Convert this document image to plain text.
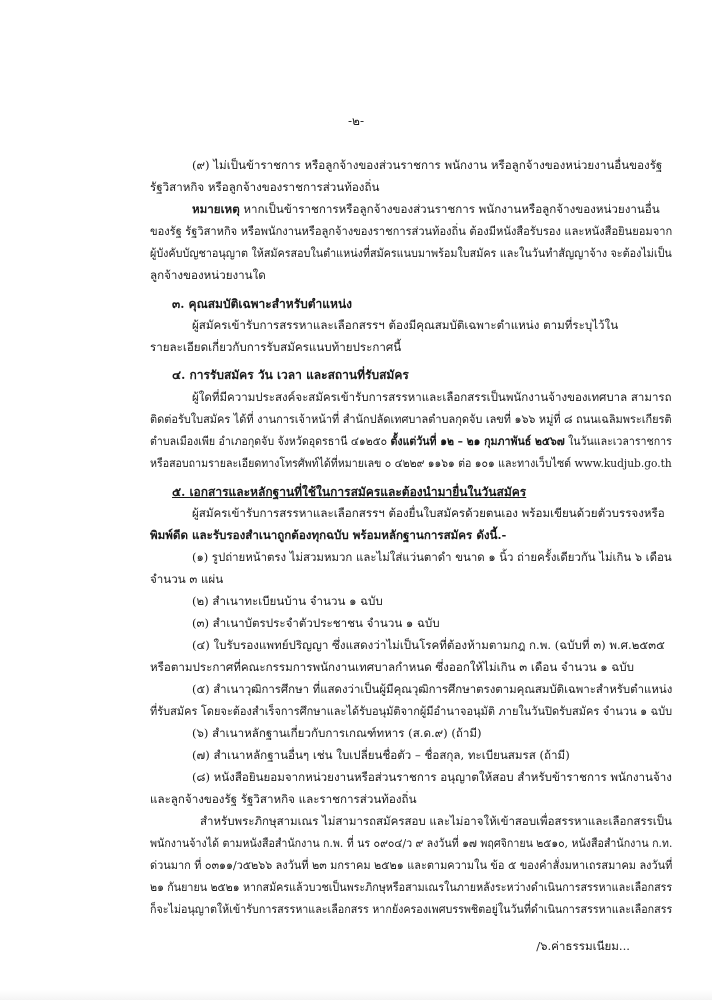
-๒-
(๙) ไม่เป็นข้าราชการ หรือลูกจ้างของส่วนราชการ พนักงาน หรือลูกจ้างของหน่วยงานอื่นของรัฐ
รัฐวิสาหกิจ หรือลูกจ้างของราชการส่วนท้องถิ่น
หมายเหตุ หากเป็นข้าราชการหรือลูกจ้างของส่วนราชการ พนักงานหรือลูกจ้างของหน่วยงานอื่น
ของรัฐ รัฐวิสาหกิจ หรือพนักงานหรือลูกจ้างของราชการส่วนท้องถิ่น ต้องมีหนังสือรับรอง และหนังสือยินยอมจาก
ผู้บังคับบัญชาอนุญาต ให้สมัครสอบในตำแหน่งที่สมัครแนบมาพร้อมใบสมัคร และในวันทำสัญญาจ้าง จะต้องไม่เป็น
ลูกจ้างของหน่วยงานใด
๓. คุณสมบัติเฉพาะสำหรับตำแหน่ง
ผู้สมัครเข้ารับการสรรหาและเลือกสรรฯ ต้องมีคุณสมบัติเฉพาะตำแหน่ง ตามที่ระบุไว้ใน
รายละเอียดเกี่ยวกับการรับสมัครแนบท้ายประกาศนี้
๔. การรับสมัคร วัน เวลา และสถานที่รับสมัคร
ผู้ใดที่มีความประสงค์จะสมัครเข้ารับการสรรหาและเลือกสรรเป็นพนักงานจ้างของเทศบาล สามารถ
ติดต่อรับใบสมัคร ได้ที่ งานการเจ้าหน้าที่ สำนักปลัดเทศบาลตำบลกุดจับ เลขที่ ๑๖๖ หมู่ที่ ๘ ถนนเฉลิมพระเกียรติ
ตำบลเมืองเพีย อำเภอกุดจับ จังหวัดอุดรธานี ๔๑๒๕๐ ตั้งแต่วันที่ ๑๒ – ๒๑ กุมภาพันธ์ ๒๕๖๗ ในวันและเวลาราชการ
หรือสอบถามรายละเอียดทางโทรศัพท์ได้ที่หมายเลข ๐ ๔๒๒๙ ๑๑๖๑ ต่อ ๑๐๑ และทางเว็บไซต์ www.kudjub.go.th
๕. เอกสารและหลักฐานที่ใช้ในการสมัครและต้องนำมายื่นในวันสมัคร
ผู้สมัครเข้ารับการสรรหาและเลือกสรรฯ ต้องยื่นใบสมัครด้วยตนเอง พร้อมเขียนด้วยตัวบรรจงหรือ
พิมพ์ดีด และรับรองสำเนาถูกต้องทุกฉบับ พร้อมหลักฐานการสมัคร ดังนี้.-
(๑) รูปถ่ายหน้าตรง ไม่สวมหมวก และไม่ใส่แว่นตาดำ ขนาด ๑ นิ้ว ถ่ายครั้งเดียวกัน ไม่เกิน ๖ เดือน
จำนวน ๓ แผ่น
(๒) สำเนาทะเบียนบ้าน จำนวน ๑ ฉบับ
(๓) สำเนาบัตรประจำตัวประชาชน จำนวน ๑ ฉบับ
(๔) ใบรับรองแพทย์ปริญญา ซึ่งแสดงว่าไม่เป็นโรคที่ต้องห้ามตามกฎ ก.พ. (ฉบับที่ ๓) พ.ศ.๒๕๓๕
หรือตามประกาศที่คณะกรรมการพนักงานเทศบาลกำหนด ซึ่งออกให้ไม่เกิน ๓ เดือน จำนวน ๑ ฉบับ
(๕) สำเนาวุฒิการศึกษา ที่แสดงว่าเป็นผู้มีคุณวุฒิการศึกษาตรงตามคุณสมบัติเฉพาะสำหรับตำแหน่ง
ที่รับสมัคร โดยจะต้องสำเร็จการศึกษาและได้รับอนุมัติจากผู้มีอำนาจอนุมัติ ภายในวันปิดรับสมัคร จำนวน ๑ ฉบับ
(๖) สำเนาหลักฐานเกี่ยวกับการเกณฑ์ทหาร (ส.ด.๙) (ถ้ามี)
(๗) สำเนาหลักฐานอื่นๆ เช่น ใบเปลี่ยนชื่อตัว – ชื่อสกุล, ทะเบียนสมรส (ถ้ามี)
(๘) หนังสือยินยอมจากหน่วยงานหรือส่วนราชการ อนุญาตให้สอบ สำหรับข้าราชการ พนักงานจ้าง
และลูกจ้างของรัฐ รัฐวิสาหกิจ และราชการส่วนท้องถิ่น
สำหรับพระภิกษุสามเณร ไม่สามารถสมัครสอบ และไม่อาจให้เข้าสอบเพื่อสรรหาและเลือกสรรเป็น
พนักงานจ้างได้ ตามหนังสือสำนักงาน ก.พ. ที่ นร ๐๙๐๔/ว ๙ ลงวันที่ ๑๗ พฤศจิกายน ๒๕๑๐, หนังสือสำนักงาน ก.ท.
ด่วนมาก ที่ ๐๓๑๑/ว๕๒๖๖ ลงวันที่ ๒๓ มกราคม ๒๕๒๑ และตามความใน ข้อ ๕ ของคำสั่งมหาเถรสมาคม ลงวันที่
๒๑ กันยายน ๒๕๒๑ หากสมัครแล้วบวชเป็นพระภิกษุหรือสามเณรในภายหลังระหว่างดำเนินการสรรหาและเลือกสรร
ก็จะไม่อนุญาตให้เข้ารับการสรรหาและเลือกสรร หากยังครองเพศบรรพชิตอยู่ในวันที่ดำเนินการสรรหาและเลือกสรร
/๖.ค่าธรรมเนียม...
